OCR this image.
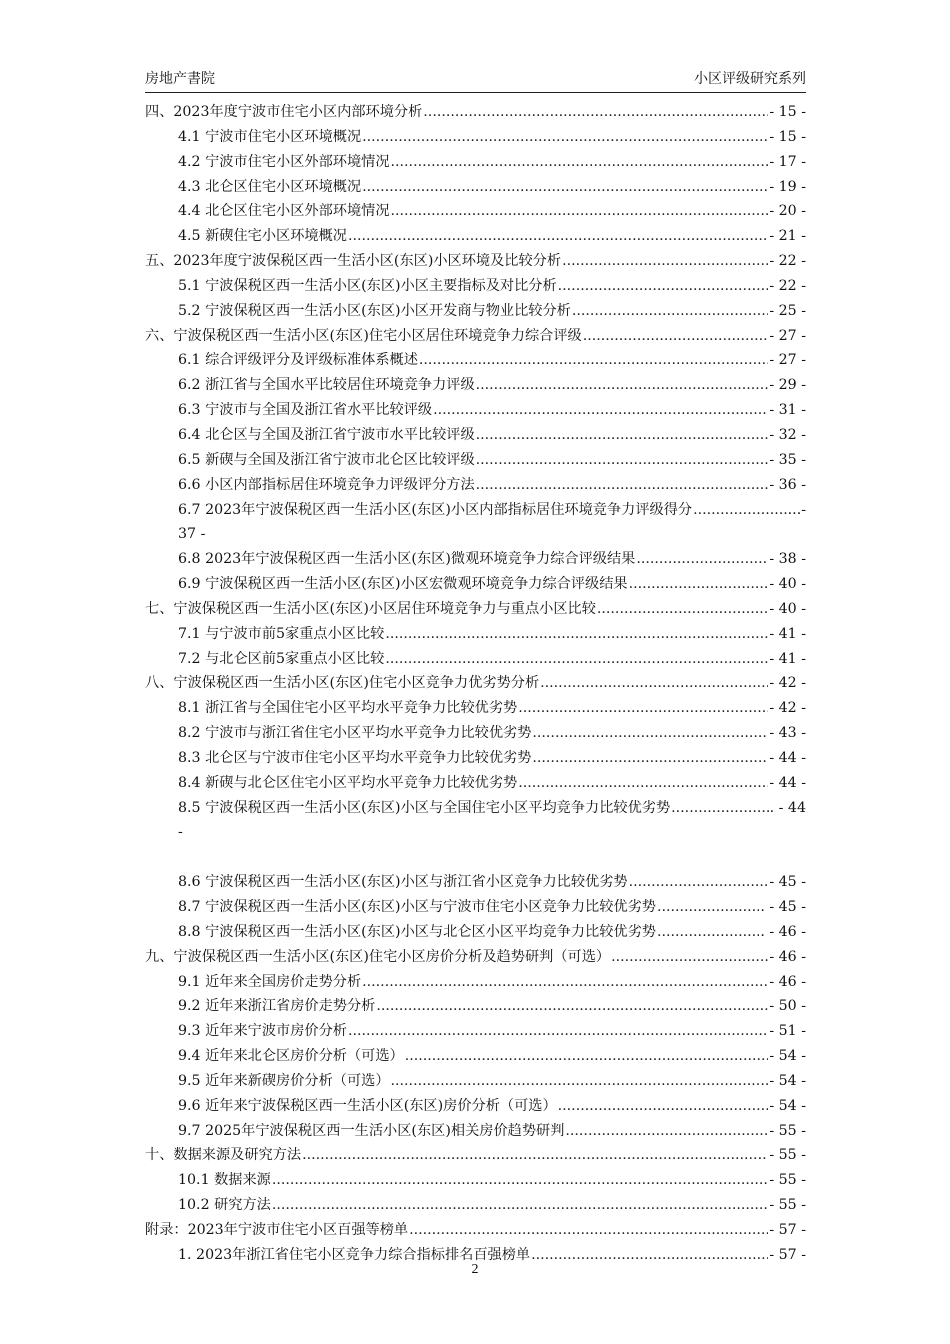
房地产書院	小区评级研究系列
四、2023年度宁波市住宅小区内部环境分析 .....	- 15 -
4.1 宁波市住宅小区环境概况 .....	- 15 -
4.2 宁波市住宅小区外部环境情况 .....	- 17 -
4.3 北仑区住宅小区环境概况 .....	- 19 -
4.4 北仑区住宅小区外部环境情况 .....	- 20 -
4.5 新碶住宅小区环境概况 .....	- 21 -
五、2023年度宁波保税区西一生活小区(东区)小区环境及比较分析 .....	- 22 -
5.1 宁波保税区西一生活小区(东区)小区主要指标及对比分析 .....	- 22 -
5.2 宁波保税区西一生活小区(东区)小区开发商与物业比较分析 .....	- 25 -
六、宁波保税区西一生活小区(东区)住宅小区居住环境竞争力综合评级 .....	- 27 -
6.1 综合评级评分及评级标准体系概述 .....	- 27 -
6.2 浙江省与全国水平比较居住环境竞争力评级 .....	- 29 -
6.3 宁波市与全国及浙江省水平比较评级 .....	- 31 -
6.4 北仑区与全国及浙江省宁波市水平比较评级 .....	- 32 -
6.5 新碶与全国及浙江省宁波市北仑区比较评级 .....	- 35 -
6.6 小区内部指标居住环境竞争力评级评分方法 .....	- 36 -
6.7 2023年宁波保税区西一生活小区(东区)小区内部指标居住环境竞争力评级得分 .....	...-
37 -
6.8 2023年宁波保税区西一生活小区(东区)微观环境竞争力综合评级结果 .....	- 38 -
6.9 宁波保税区西一生活小区(东区)小区宏微观环境竞争力综合评级结果 .....	- 40 -
七、宁波保税区西一生活小区(东区)小区居住环境竞争力与重点小区比较 .....	- 40 -
7.1 与宁波市前5家重点小区比较 .....	- 41 -
7.2 与北仑区前5家重点小区比较 .....	- 41 -
八、宁波保税区西一生活小区(东区)住宅小区竞争力优劣势分析 .....	- 42 -
8.1 浙江省与全国住宅小区平均水平竞争力比较优劣势 .....	- 42 -
8.2 宁波市与浙江省住宅小区平均水平竞争力比较优劣势 .....	- 43 -
8.3 北仑区与宁波市住宅小区平均水平竞争力比较优劣势 .....	- 44 -
8.4 新碶与北仑区住宅小区平均水平竞争力比较优劣势 .....	- 44 -
8.5 宁波保税区西一生活小区(东区)小区与全国住宅小区平均竞争力比较优劣势 .....	. - 44
-
8.6 宁波保税区西一生活小区(东区)小区与浙江省小区竞争力比较优劣势 .....	- 45 -
8.7 宁波保税区西一生活小区(东区)小区与宁波市住宅小区竞争力比较优劣势 .....	. - 45 -
8.8 宁波保税区西一生活小区(东区)小区与北仑区小区平均竞争力比较优劣势 .....	. - 46 -
九、宁波保税区西一生活小区(东区)住宅小区房价分析及趋势研判（可选） .....	- 46 -
9.1 近年来全国房价走势分析 .....	- 46 -
9.2 近年来浙江省房价走势分析 .....	- 50 -
9.3 近年来宁波市房价分析 .....	- 51 -
9.4 近年来北仑区房价分析（可选） .....	- 54 -
9.5 近年来新碶房价分析（可选） .....	- 54 -
9.6 近年来宁波保税区西一生活小区(东区)房价分析（可选） .....	- 54 -
9.7 2025年宁波保税区西一生活小区(东区)相关房价趋势研判 .....	- 55 -
十、数据来源及研究方法 .....	- 55 -
10.1 数据来源 .....	- 55 -
10.2 研究方法 .....	- 55 -
附录：2023年宁波市住宅小区百强等榜单 .....	- 57 -
1. 2023年浙江省住宅小区竞争力综合指标排名百强榜单 .....	- 57 -
2
